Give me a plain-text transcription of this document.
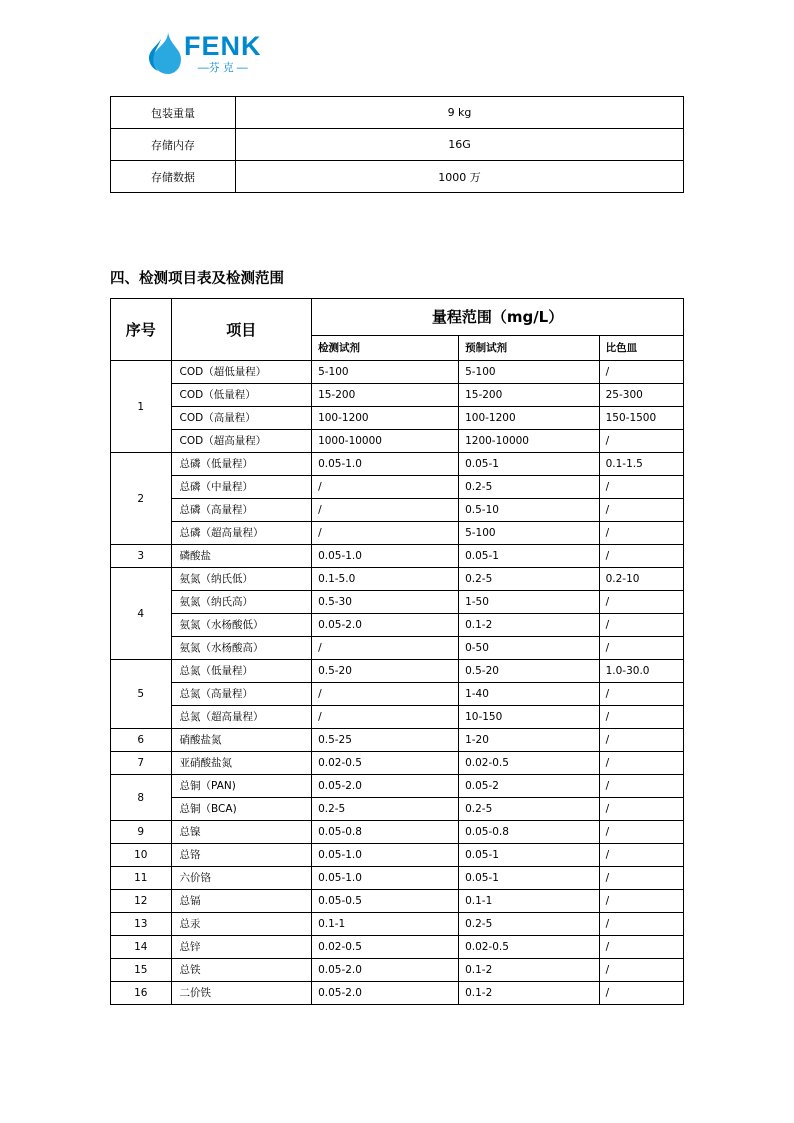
FENK
—芬克—
包装重量	9 kg
存储内存	16G
存储数据	1000 万
四、检测项目表及检测范围
序号	项目	量程范围（mg/L）		
		检测试剂	预制试剂	比色皿
1	COD（超低量程）	5-100	5-100	/
	COD（低量程）	15-200	15-200	25-300
	COD（高量程）	100-1200	100-1200	150-1500
	COD（超高量程）	1000-10000	1200-10000	/
2	总磷（低量程）	0.05-1.0	0.05-1	0.1-1.5
	总磷（中量程）	/	0.2-5	/
	总磷（高量程）	/	0.5-10	/
	总磷（超高量程）	/	5-100	/
3	磷酸盐	0.05-1.0	0.05-1	/
4	氨氮（纳氏低）	0.1-5.0	0.2-5	0.2-10
	氨氮（纳氏高）	0.5-30	1-50	/
	氨氮（水杨酸低）	0.05-2.0	0.1-2	/
	氨氮（水杨酸高）	/	0-50	/
5	总氮（低量程）	0.5-20	0.5-20	1.0-30.0
	总氮（高量程）	/	1-40	/
	总氮（超高量程）	/	10-150	/
6	硝酸盐氮	0.5-25	1-20	/
7	亚硝酸盐氮	0.02-0.5	0.02-0.5	/
8	总铜（PAN)	0.05-2.0	0.05-2	/
	总铜（BCA)	0.2-5	0.2-5	/
9	总镍	0.05-0.8	0.05-0.8	/
10	总铬	0.05-1.0	0.05-1	/
11	六价铬	0.05-1.0	0.05-1	/
12	总镉	0.05-0.5	0.1-1	/
13	总汞	0.1-1	0.2-5	/
14	总锌	0.02-0.5	0.02-0.5	/
15	总铁	0.05-2.0	0.1-2	/
16	二价铁	0.05-2.0	0.1-2	/
